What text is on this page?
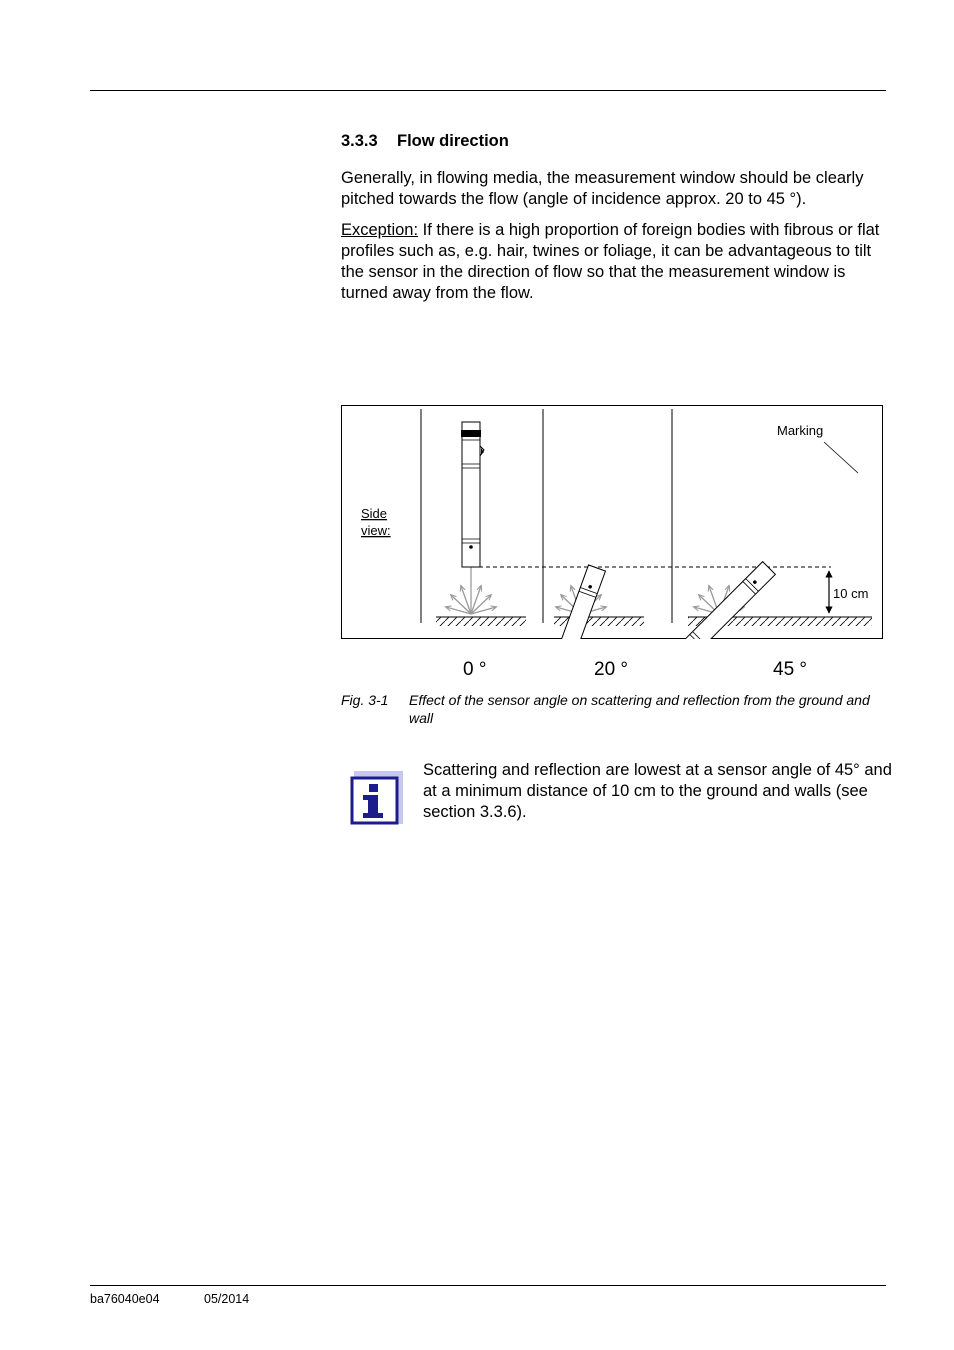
3.3.3 Flow direction
Generally, in flowing media, the measurement window should be clearly pitched towards the flow (angle of incidence approx. 20 to 45 °).
Exception: If there is a high proportion of foreign bodies with fibrous or flat profiles such as, e.g. hair, twines or foliage, it can be advantageous to tilt the sensor in the direction of flow so that the measurement window is turned away from the flow.
Side
view:
Marking
10 cm
0 °	20 °	45 °
Fig. 3-1 Effect of the sensor angle on scattering and reflection from the ground and wall
Scattering and reflection are lowest at a sensor angle of 45° and at a minimum distance of 10 cm to the ground and walls (see section 3.3.6).
ba76040e04	05/2014
